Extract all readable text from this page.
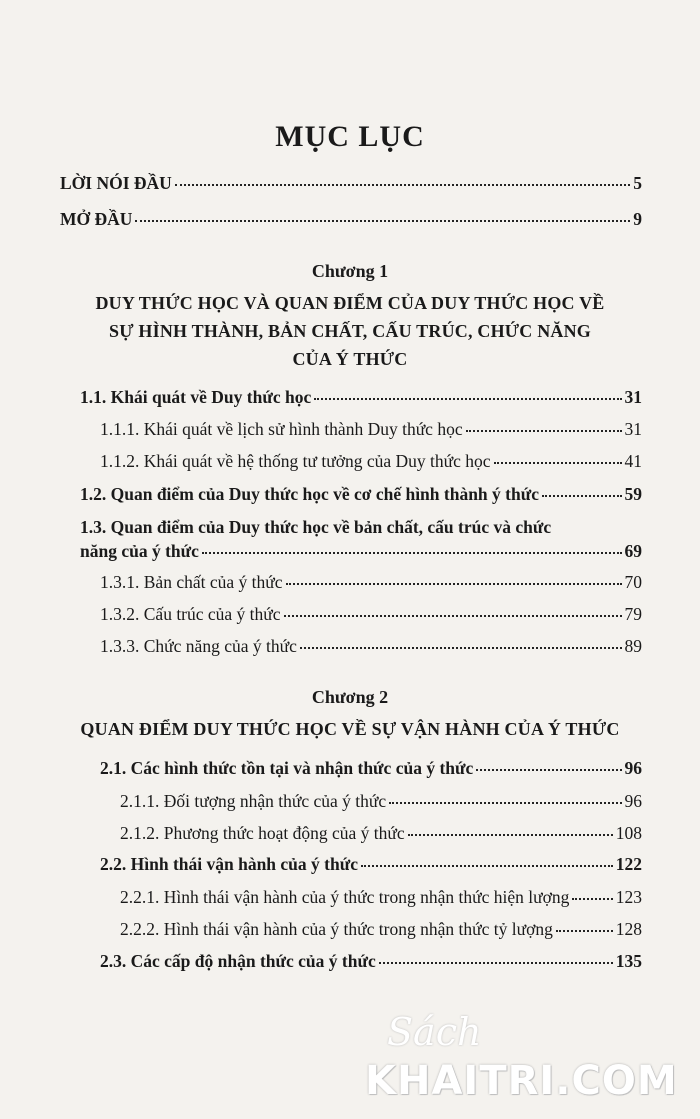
MỤC LỤC
LỜI NÓI ĐẦU	5
MỞ ĐẦU	9
Chương 1
DUY THỨC HỌC VÀ QUAN ĐIỂM CỦA DUY THỨC HỌC VỀ
SỰ HÌNH THÀNH, BẢN CHẤT, CẤU TRÚC, CHỨC NĂNG
CỦA Ý THỨC
1.1. Khái quát về Duy thức học	31
1.1.1. Khái quát về lịch sử hình thành Duy thức học	31
1.1.2. Khái quát về hệ thống tư tưởng của Duy thức học	41
1.2. Quan điểm của Duy thức học về cơ chế hình thành ý thức	59
1.3. Quan điểm của Duy thức học về bản chất, cấu trúc và chức
năng của ý thức	69
1.3.1. Bản chất của ý thức	70
1.3.2. Cấu trúc của ý thức	79
1.3.3. Chức năng của ý thức	89
Chương 2
QUAN ĐIỂM DUY THỨC HỌC VỀ SỰ VẬN HÀNH CỦA Ý THỨC
2.1. Các hình thức tồn tại và nhận thức của ý thức	96
2.1.1. Đối tượng nhận thức của ý thức	96
2.1.2. Phương thức hoạt động của ý thức	108
2.2. Hình thái vận hành của ý thức	122
2.2.1. Hình thái vận hành của ý thức trong nhận thức hiện lượng	123
2.2.2. Hình thái vận hành của ý thức trong nhận thức tỷ lượng	128
2.3. Các cấp độ nhận thức của ý thức	135
Sách
KHAITRI.COM
